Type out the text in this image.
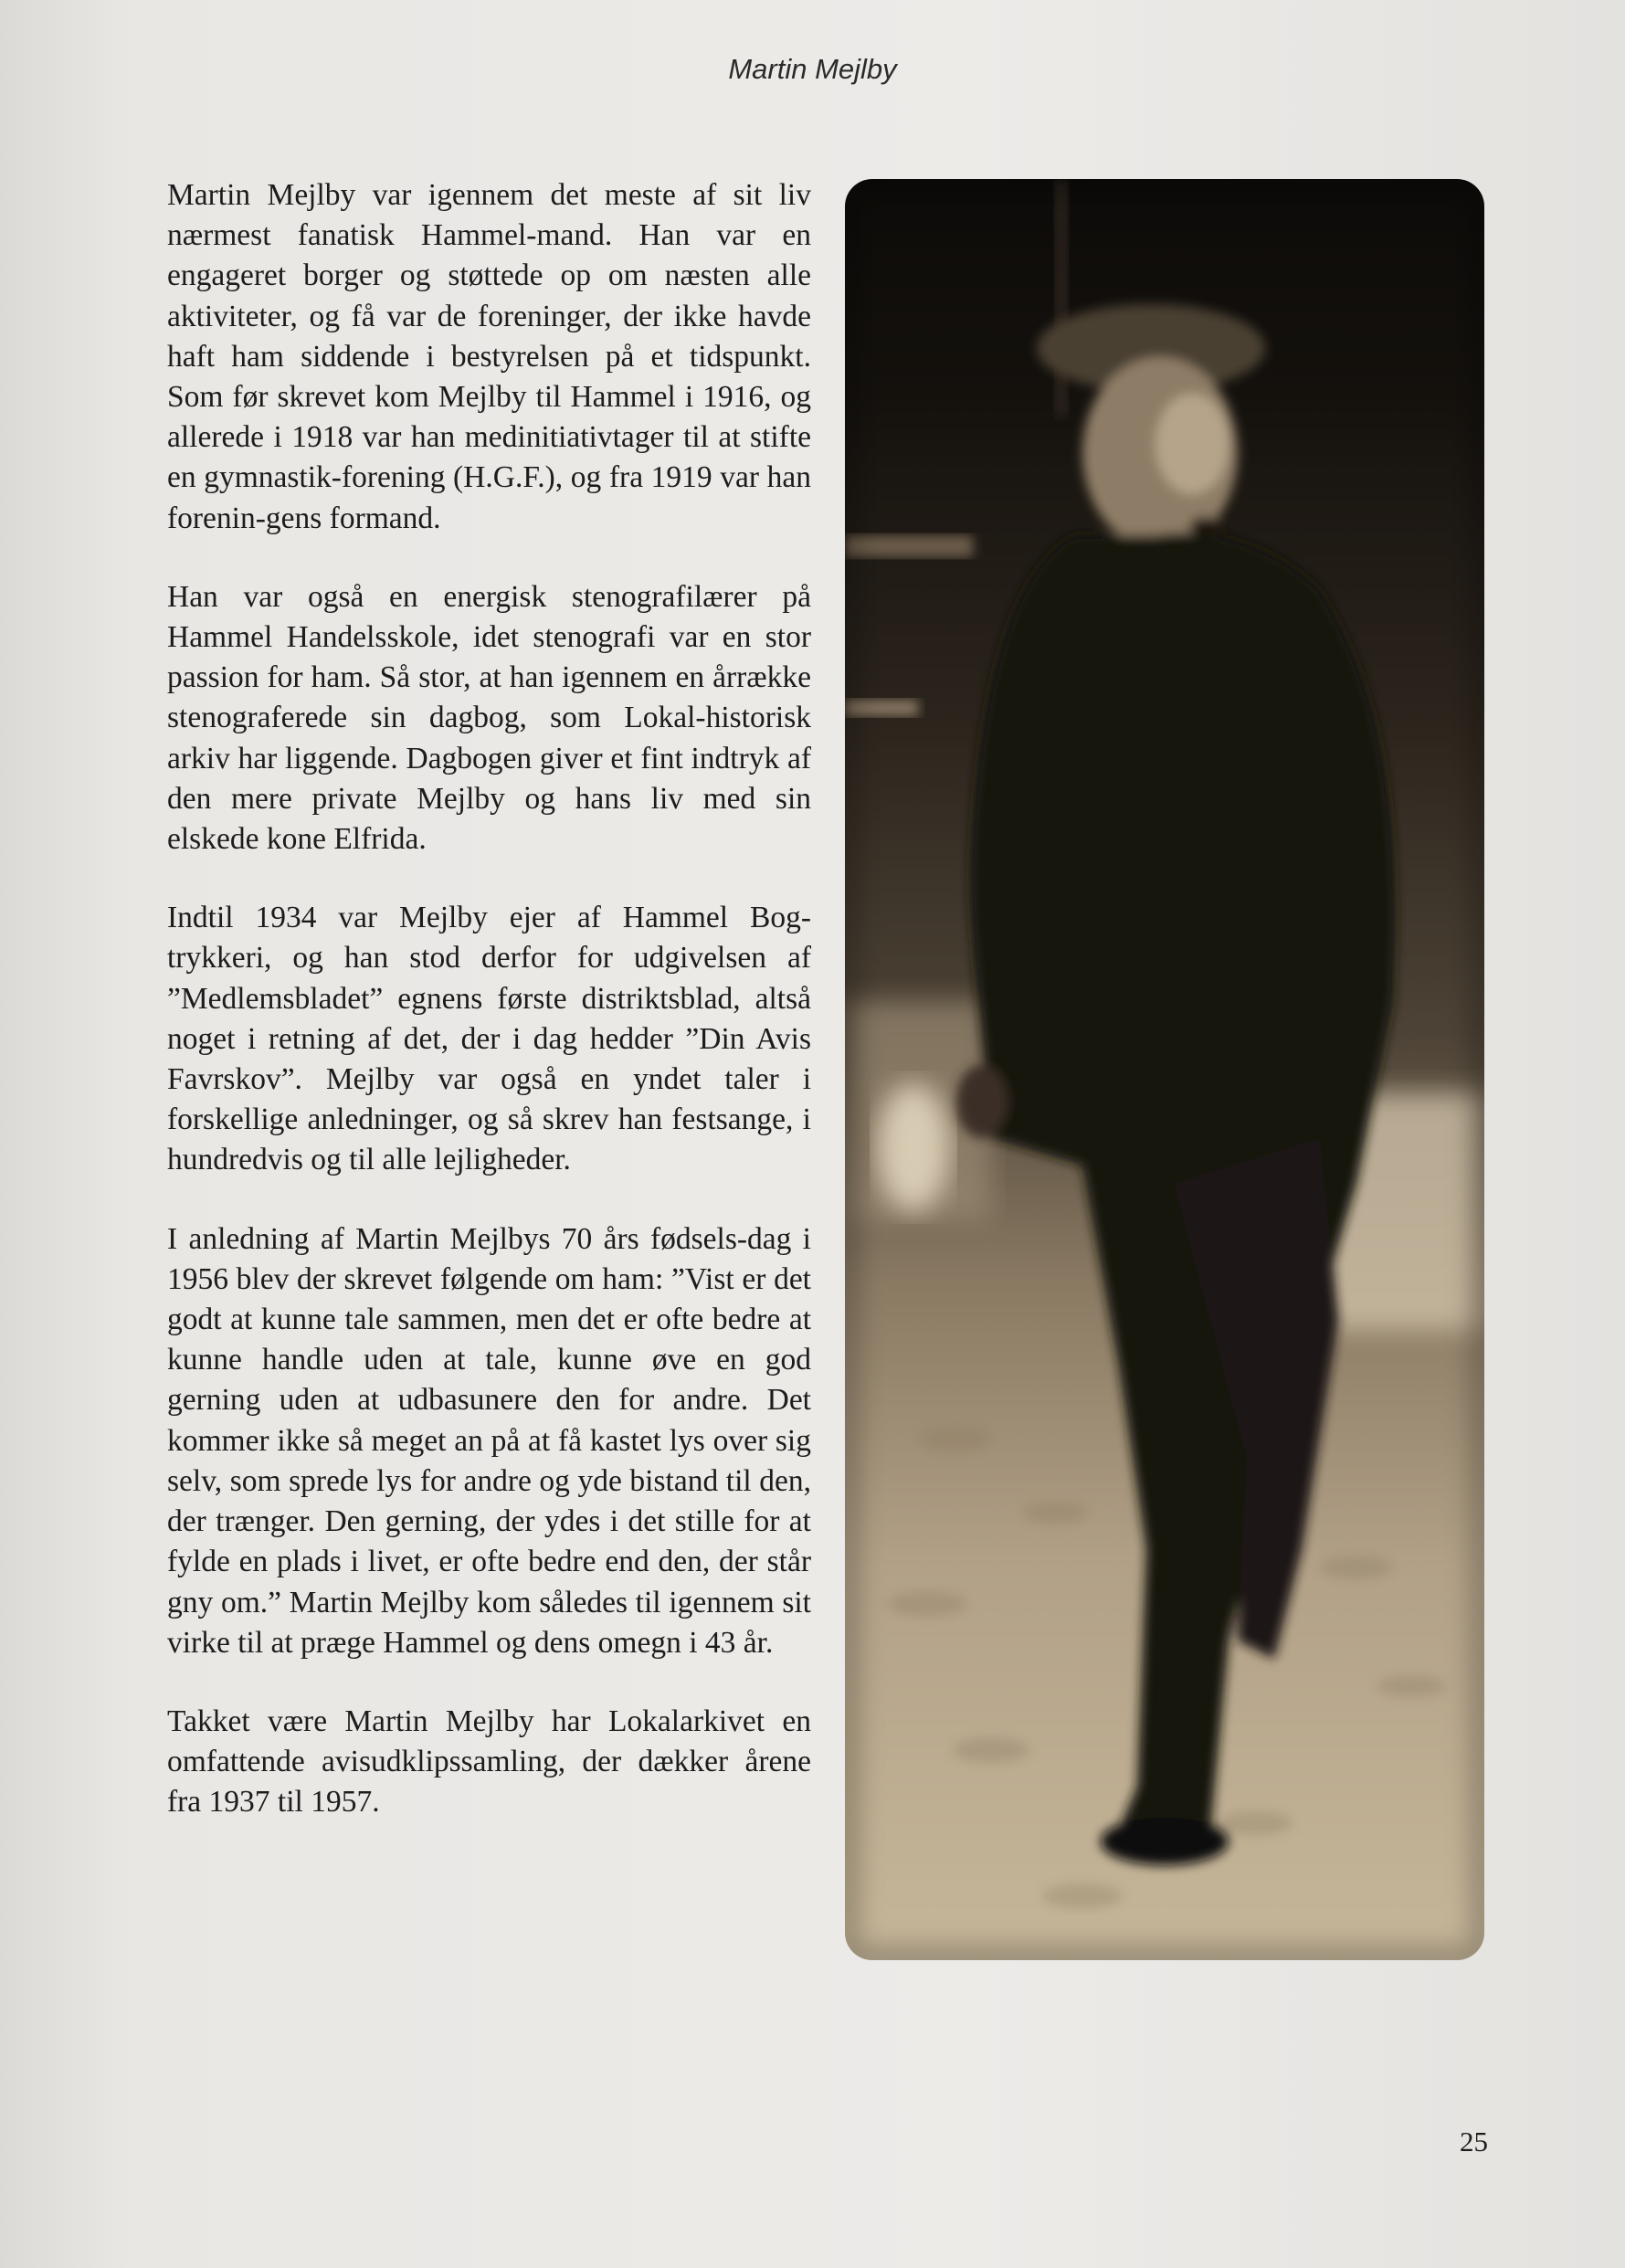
Martin Mejlby

Martin Mejlby var igennem det meste af sit liv nærmest fanatisk Hammel-mand. Han var en engageret borger og støttede op om næsten alle aktiviteter, og få var de foreninger, der ikke havde haft ham siddende i bestyrelsen på et tidspunkt. Som før skrevet kom Mejlby til Hammel i 1916, og allerede i 1918 var han medinitiativtager til at stifte en gymnastik-forening (H.G.F.), og fra 1919 var han forenin-gens formand.

Han var også en energisk stenografilærer på Hammel Handelsskole, idet stenografi var en stor passion for ham. Så stor, at han igennem en årrække stenograferede sin dagbog, som Lokal-historisk arkiv har liggende. Dagbogen giver et fint indtryk af den mere private Mejlby og hans liv med sin elskede kone Elfrida.

Indtil 1934 var Mejlby ejer af Hammel Bog-trykkeri, og han stod derfor for udgivelsen af ”Medlemsbladet” egnens første distriktsblad, altså noget i retning af det, der i dag hedder ”Din Avis Favrskov”. Mejlby var også en yndet taler i forskellige anledninger, og så skrev han festsange, i hundredvis og til alle lejligheder.

I anledning af Martin Mejlbys 70 års fødsels-dag i 1956 blev der skrevet følgende om ham: ”Vist er det godt at kunne tale sammen, men det er ofte bedre at kunne handle uden at tale, kunne øve en god gerning uden at udbasunere den for andre. Det kommer ikke så meget an på at få kastet lys over sig selv, som sprede lys for andre og yde bistand til den, der trænger. Den gerning, der ydes i det stille for at fylde en plads i livet, er ofte bedre end den, der står gny om.” Martin Mejlby kom således til igennem sit virke til at præge Hammel og dens omegn i 43 år.

Takket være Martin Mejlby har Lokalarkivet en omfattende avisudklipssamling, der dækker årene fra 1937 til 1957.

25
